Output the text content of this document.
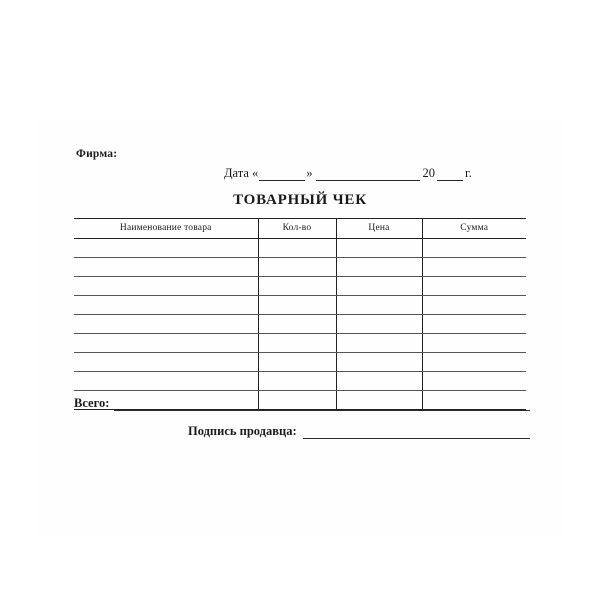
Фирма:
Дата «	»	20 г.
ТОВАРНЫЙ ЧЕК
Наименование товара	Кол-во	Цена	Сумма

Всего:
Подпись продавца:
